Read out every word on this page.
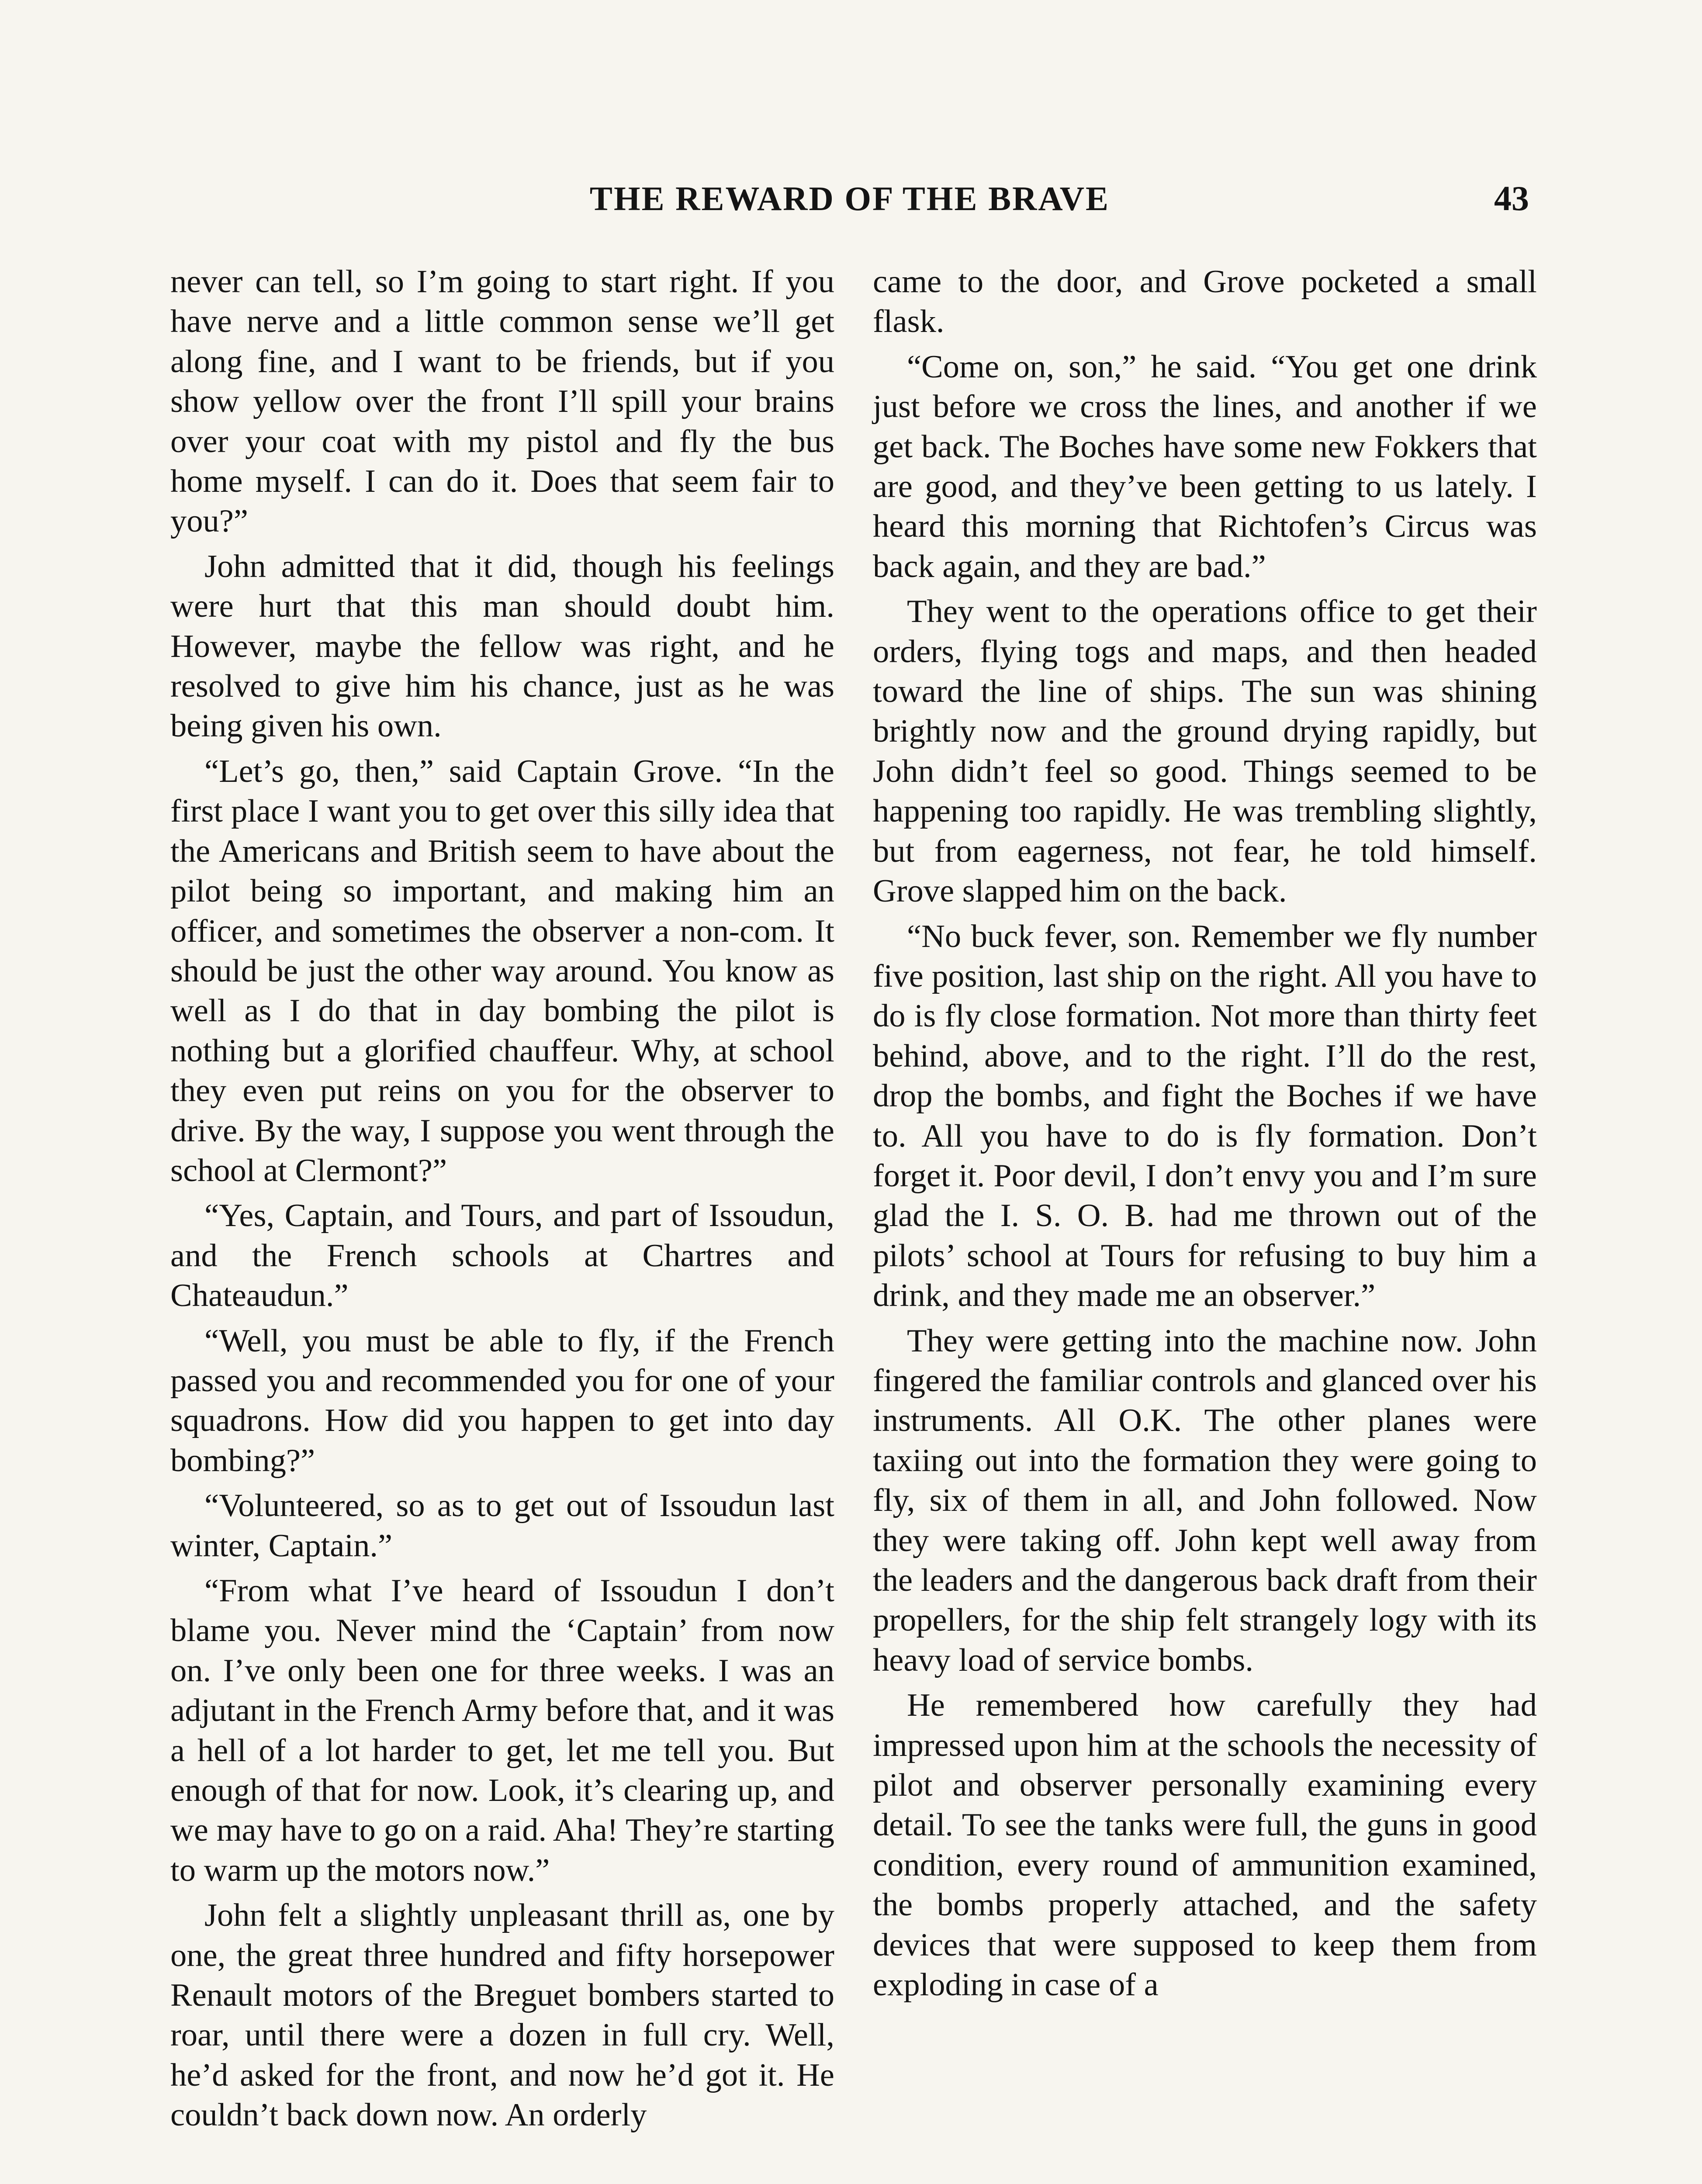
THE REWARD OF THE BRAVE	43

never can tell, so I’m going to start right. If you have nerve and a little common sense we’ll get along fine, and I want to be friends, but if you show yellow over the front I’ll spill your brains over your coat with my pistol and fly the bus home myself. I can do it. Does that seem fair to you?”

John admitted that it did, though his feelings were hurt that this man should doubt him. However, maybe the fellow was right, and he resolved to give him his chance, just as he was being given his own.

“Let’s go, then,” said Captain Grove. “In the first place I want you to get over this silly idea that the Americans and British seem to have about the pilot being so important, and making him an officer, and sometimes the observer a non-com. It should be just the other way around. You know as well as I do that in day bombing the pilot is nothing but a glorified chauffeur. Why, at school they even put reins on you for the observer to drive. By the way, I suppose you went through the school at Clermont?”

“Yes, Captain, and Tours, and part of Issoudun, and the French schools at Chartres and Chateaudun.”

“Well, you must be able to fly, if the French passed you and recommended you for one of your squadrons. How did you happen to get into day bombing?”

“Volunteered, so as to get out of Issoudun last winter, Captain.”

“From what I’ve heard of Issoudun I don’t blame you. Never mind the ‘Captain’ from now on. I’ve only been one for three weeks. I was an adjutant in the French Army before that, and it was a hell of a lot harder to get, let me tell you. But enough of that for now. Look, it’s clearing up, and we may have to go on a raid. Aha! They’re starting to warm up the motors now.”

John felt a slightly unpleasant thrill as, one by one, the great three hundred and fifty horsepower Renault motors of the Breguet bombers started to roar, until there were a dozen in full cry. Well, he’d asked for the front, and now he’d got it. He couldn’t back down now. An orderly

came to the door, and Grove pocketed a small flask.

“Come on, son,” he said. “You get one drink just before we cross the lines, and another if we get back. The Boches have some new Fokkers that are good, and they’ve been getting to us lately. I heard this morning that Richtofen’s Circus was back again, and they are bad.”

They went to the operations office to get their orders, flying togs and maps, and then headed toward the line of ships. The sun was shining brightly now and the ground drying rapidly, but John didn’t feel so good. Things seemed to be happening too rapidly. He was trembling slightly, but from eagerness, not fear, he told himself. Grove slapped him on the back.

“No buck fever, son. Remember we fly number five position, last ship on the right. All you have to do is fly close formation. Not more than thirty feet behind, above, and to the right. I’ll do the rest, drop the bombs, and fight the Boches if we have to. All you have to do is fly formation. Don’t forget it. Poor devil, I don’t envy you and I’m sure glad the I. S. O. B. had me thrown out of the pilots’ school at Tours for refusing to buy him a drink, and they made me an observer.”

They were getting into the machine now. John fingered the familiar controls and glanced over his instruments. All O.K. The other planes were taxiing out into the formation they were going to fly, six of them in all, and John followed. Now they were taking off. John kept well away from the leaders and the dangerous back draft from their propellers, for the ship felt strangely logy with its heavy load of service bombs.

He remembered how carefully they had impressed upon him at the schools the necessity of pilot and observer personally examining every detail. To see the tanks were full, the guns in good condition, every round of ammunition examined, the bombs properly attached, and the safety devices that were supposed to keep them from exploding in case of a
